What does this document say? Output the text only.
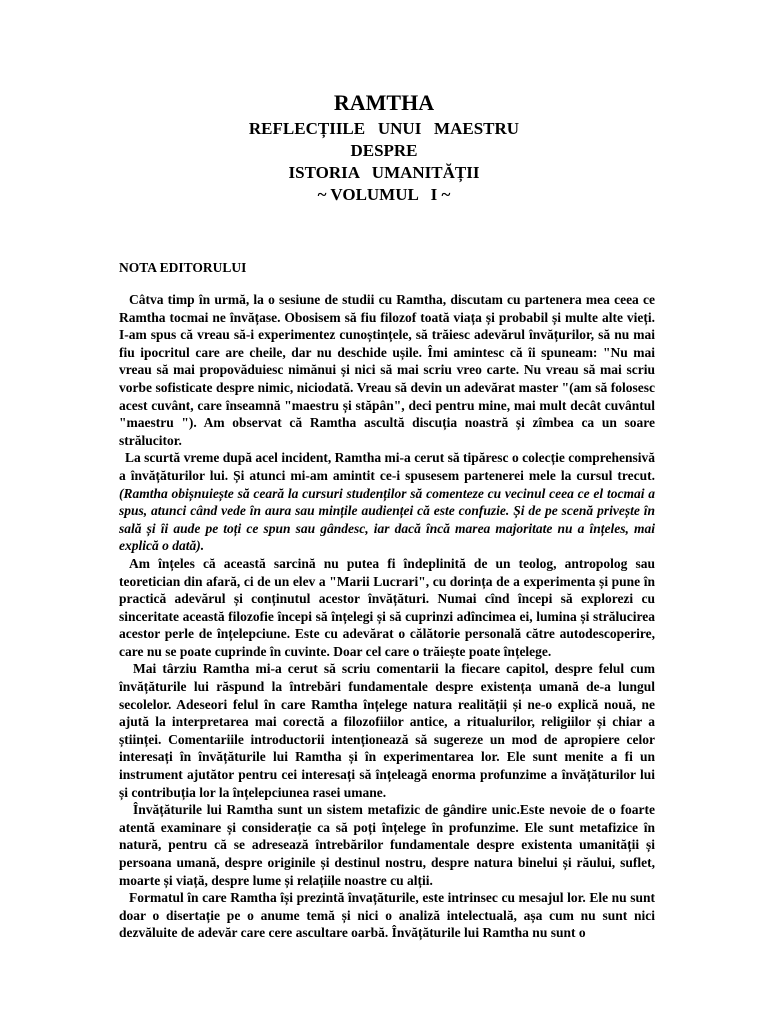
RAMTHA
REFLECȚIILE   UNUI   MAESTRU
DESPRE
ISTORIA   UMANITĂȚII
~ VOLUMUL   I ~
NOTA EDITORULUI

Câtva timp în urmă, la o sesiune de studii cu Ramtha, discutam cu partenera mea ceea ce Ramtha tocmai ne învățase. Obosisem să fiu filozof toată viața și probabil și multe alte vieți. I-am spus că vreau să-i experimentez cunoștințele, să trăiesc adevărul învățurilor, să nu mai fiu ipocritul care are cheile, dar nu deschide ușile. Îmi amintesc că îi spuneam: "Nu mai vreau să mai propovăduiesc nimănui și nici să mai scriu vreo carte. Nu vreau să mai scriu vorbe sofisticate despre nimic, niciodată. Vreau să devin un adevărat master "(am să folosesc acest cuvânt, care înseamnă "maestru și stăpân", deci pentru mine, mai mult decât cuvântul "maestru "). Am observat că Ramtha ascultă discuția noastră și zîmbea ca un soare strălucitor.

La scurtă vreme după acel incident, Ramtha mi-a cerut să tipăresc o colecție comprehensivă a învățăturilor lui. Și atunci mi-am amintit ce-i spusesem partenerei mele la cursul trecut. (Ramtha obișnuiește să ceară la cursuri studenților să comenteze cu vecinul ceea ce el tocmai a spus, atunci când vede în aura sau mințile audienței că este confuzie. Și de pe scenă privește în sală și îi aude pe toți ce spun sau gândesc, iar dacă încă marea majoritate nu a înțeles, mai explică o dată).

Am înțeles că această sarcină nu putea fi îndeplinită de un teolog, antropolog sau teoretician din afară, ci de un elev a "Marii Lucrari", cu dorința de a experimenta și pune în practică adevărul și conținutul acestor învățături. Numai cînd începi să explorezi cu sinceritate această filozofie începi să înțelegi și să cuprinzi adîncimea ei, lumina și strălucirea acestor perle de înțelepciune. Este cu adevărat o călătorie personală către autodescoperire, care nu se poate cuprinde în cuvinte. Doar cel care o trăiește poate înțelege.

Mai târziu Ramtha mi-a cerut să scriu comentarii la fiecare capitol, despre felul cum învățăturile lui răspund la întrebări fundamentale despre existența umană de-a lungul secolelor. Adeseori felul în care Ramtha înțelege natura realității și ne-o explică nouă, ne ajută la interpretarea mai corectă a filozofiilor antice, a ritualurilor, religiilor și chiar a științei. Comentariile introductorii intenționează să sugereze un mod de apropiere celor interesați în învățăturile lui Ramtha și în experimentarea lor. Ele sunt menite a fi un instrument ajutător pentru cei interesați să înțeleagă enorma profunzime a învățăturilor lui și contribuția lor la înțelepciunea rasei umane.

Învățăturile lui Ramtha sunt un sistem metafizic de gândire unic.Este nevoie de o foarte atentă examinare și considerație ca să poți înțelege în profunzime. Ele sunt metafizice în natură, pentru că se adresează întrebărilor fundamentale despre existenta umanității și persoana umană, despre originile și destinul nostru, despre natura binelui și răului, suflet, moarte și viață, despre lume și relațiile noastre cu alții.

Formatul în care Ramtha își prezintă învațăturile, este intrinsec cu mesajul lor. Ele nu sunt doar o disertație pe o anume temă și nici o analiză intelectuală, așa cum nu sunt nici dezvăluite de adevăr care cere ascultare oarbă. Învățăturile lui Ramtha nu sunt o
